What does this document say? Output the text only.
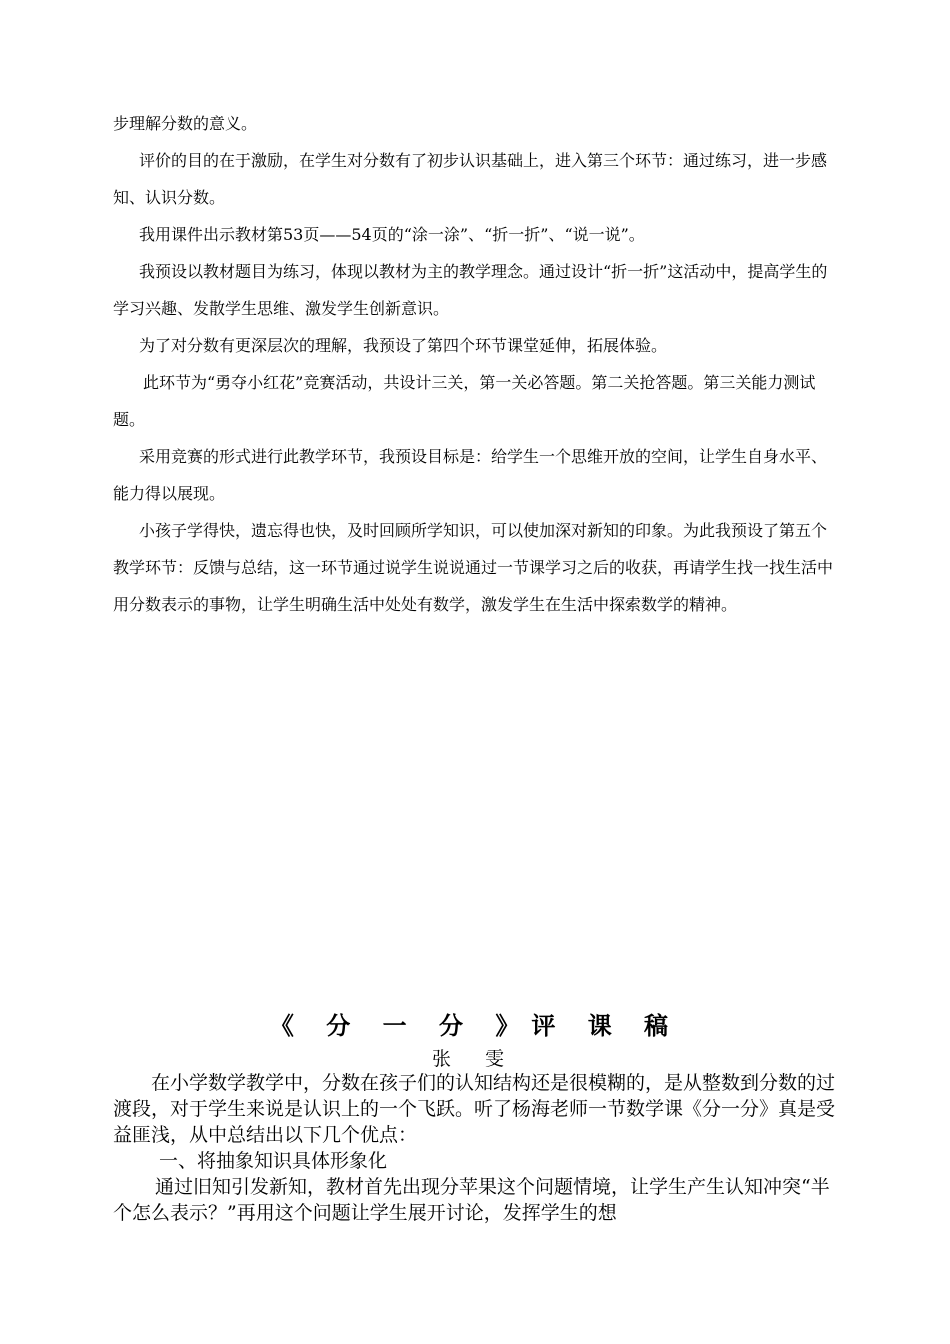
步理解分数的意义。

评价的目的在于激励，在学生对分数有了初步认识基础上，进入第三个环节：通过练习，进一步感知、认识分数。

我用课件出示教材第53页——54页的“涂一涂”、“折一折”、“说一说”。

我预设以教材题目为练习，体现以教材为主的教学理念。通过设计“折一折”这活动中，提高学生的学习兴趣、发散学生思维、激发学生创新意识。

为了对分数有更深层次的理解，我预设了第四个环节课堂延伸，拓展体验。

此环节为“勇夺小红花”竞赛活动，共设计三关，第一关必答题。第二关抢答题。第三关能力测试题。

采用竞赛的形式进行此教学环节，我预设目标是：给学生一个思维开放的空间，让学生自身水平、能力得以展现。

小孩子学得快，遗忘得也快，及时回顾所学知识，可以使加深对新知的印象。为此我预设了第五个教学环节：反馈与总结，这一环节通过说学生说说通过一节课学习之后的收获，再请学生找一找生活中用分数表示的事物，让学生明确生活中处处有数学，激发学生在生活中探索数学的精神。

《 分 一 分 》评 课 稿
张 雯

在小学数学教学中，分数在孩子们的认知结构还是很模糊的，是从整数到分数的过渡段，对于学生来说是认识上的一个飞跃。听了杨海老师一节数学课《分一分》真是受益匪浅，从中总结出以下几个优点：

一、将抽象知识具体形象化

通过旧知引发新知，教材首先出现分苹果这个问题情境，让学生产生认知冲突“半个怎么表示？”再用这个问题让学生展开讨论，发挥学生的想
